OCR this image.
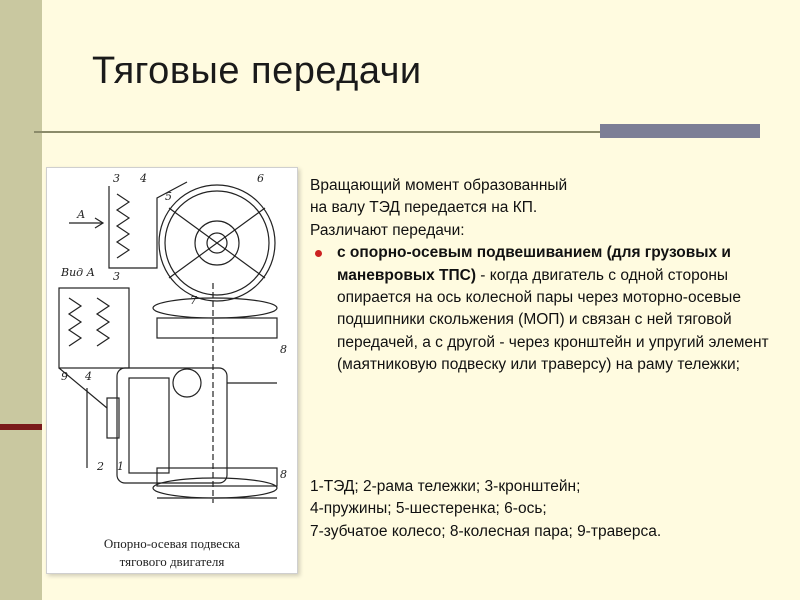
Тяговые передачи
3 4
5
6
7
3
9 4
8
2 1
8
Вид А
А
Опорно-осевая подвеска
тягового двигателя

Вращающий момент образованный

на валу ТЭД передается на КП.

Различают передачи:

с опорно-осевым подвешиванием (для грузовых и маневровых ТПС) - когда двигатель с одной стороны опирается на ось колесной пары через моторно-осевые подшипники скольжения (МОП) и связан с ней тяговой передачей, а с другой - через кронштейн и упругий элемент (маятниковую подвеску или траверсу) на раму тележки;

1-ТЭД; 2-рама тележки; 3-кронштейн;

4-пружины; 5-шестеренка; 6-ось;

7-зубчатое колесо; 8-колесная пара; 9-траверса.
